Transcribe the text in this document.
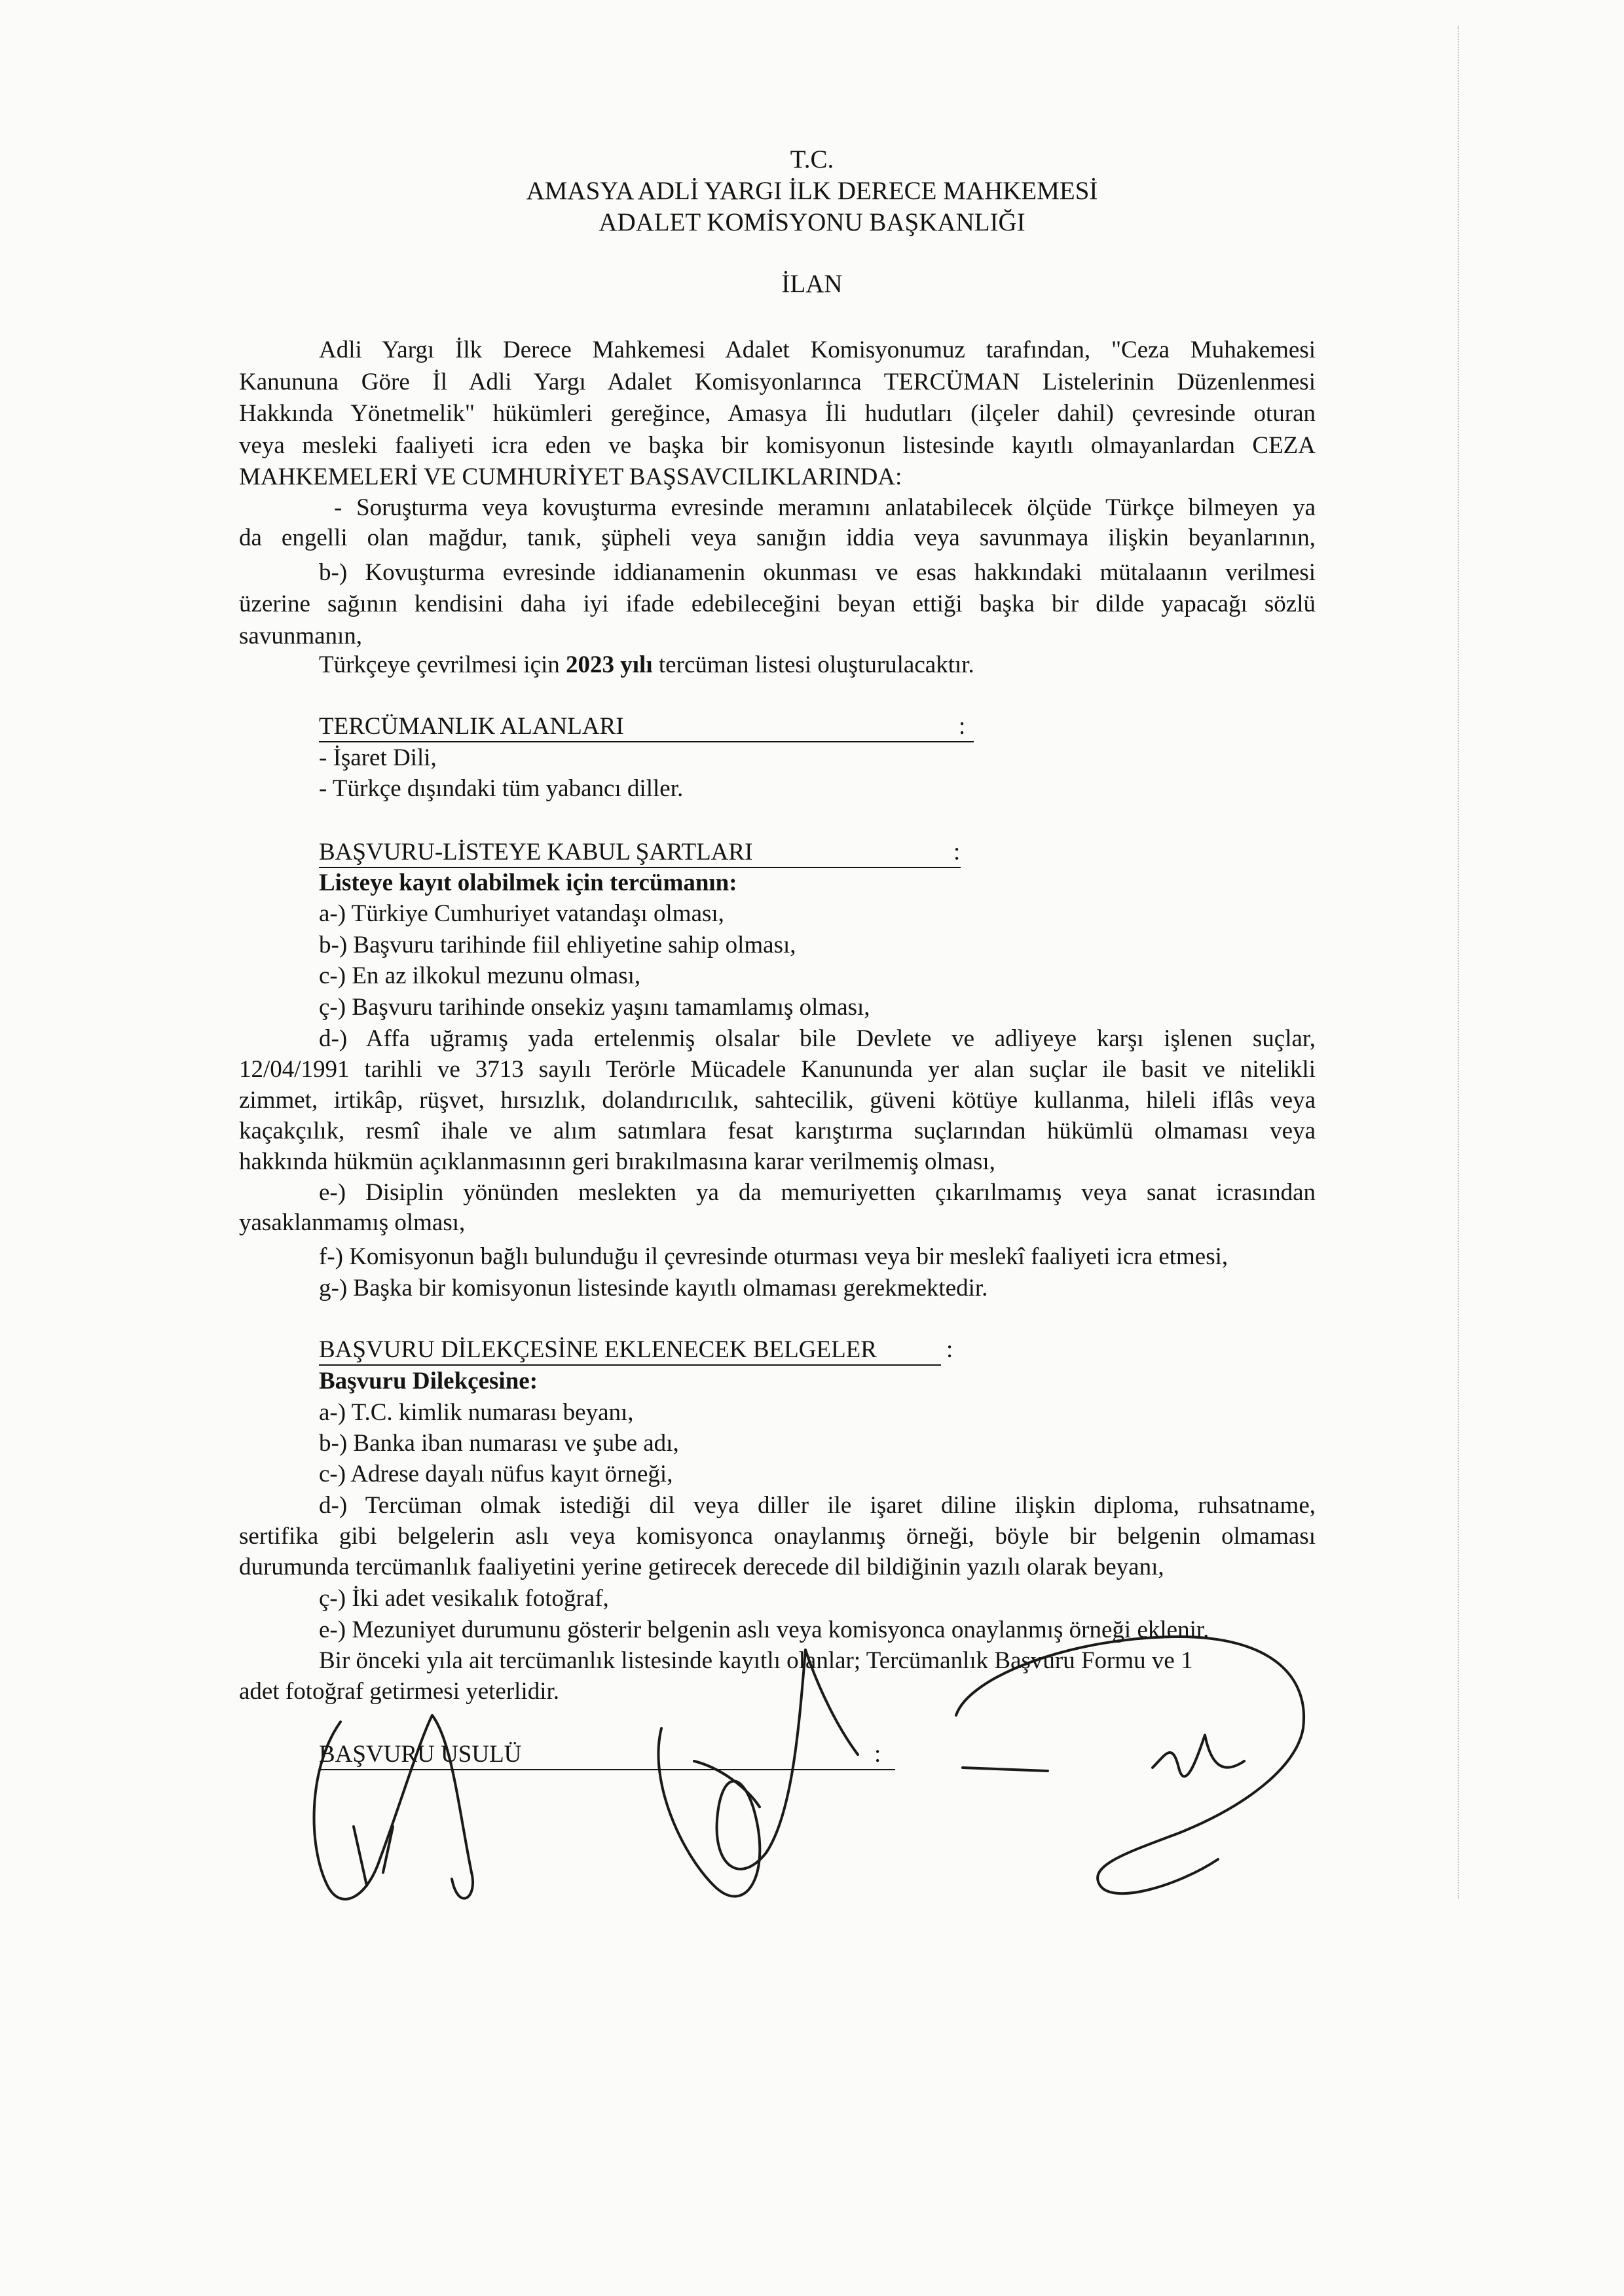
T.C.
AMASYA ADLİ YARGI İLK DERECE MAHKEMESİ
ADALET KOMİSYONU BAŞKANLIĞI
İLAN
Adli Yargı İlk Derece Mahkemesi Adalet Komisyonumuz tarafından, "Ceza Muhakemesi
Kanununa Göre İl Adli Yargı Adalet Komisyonlarınca TERCÜMAN Listelerinin Düzenlenmesi
Hakkında Yönetmelik" hükümleri gereğince, Amasya İli hudutları (ilçeler dahil) çevresinde oturan
veya mesleki faaliyeti icra eden ve başka bir komisyonun listesinde kayıtlı olmayanlardan CEZA
MAHKEMELERİ VE CUMHURİYET BAŞSAVCILIKLARINDA:
- Soruşturma veya kovuşturma evresinde meramını anlatabilecek ölçüde Türkçe bilmeyen ya
da engelli olan mağdur, tanık, şüpheli veya sanığın iddia veya savunmaya ilişkin beyanlarının,
b-) Kovuşturma evresinde iddianamenin okunması ve esas hakkındaki mütalaanın verilmesi
üzerine sağının kendisini daha iyi ifade edebileceğini beyan ettiği başka bir dilde yapacağı sözlü
savunmanın,
Türkçeye çevrilmesi için 2023 yılı tercüman listesi oluşturulacaktır.
TERCÜMANLIK ALANLARI	:
- İşaret Dili,
- Türkçe dışındaki tüm yabancı diller.
BAŞVURU-LİSTEYE KABUL ŞARTLARI	:
Listeye kayıt olabilmek için tercümanın:
a-) Türkiye Cumhuriyet vatandaşı olması,
b-) Başvuru tarihinde fiil ehliyetine sahip olması,
c-) En az ilkokul mezunu olması,
ç-) Başvuru tarihinde onsekiz yaşını tamamlamış olması,
d-) Affa uğramış yada ertelenmiş olsalar bile Devlete ve adliyeye karşı işlenen suçlar,
12/04/1991 tarihli ve 3713 sayılı Terörle Mücadele Kanununda yer alan suçlar ile basit ve nitelikli
zimmet, irtikâp, rüşvet, hırsızlık, dolandırıcılık, sahtecilik, güveni kötüye kullanma, hileli iflâs veya
kaçakçılık, resmî ihale ve alım satımlara fesat karıştırma suçlarından hükümlü olmaması veya
hakkında hükmün açıklanmasının geri bırakılmasına karar verilmemiş olması,
e-) Disiplin yönünden meslekten ya da memuriyetten çıkarılmamış veya sanat icrasından
yasaklanmamış olması,
f-) Komisyonun bağlı bulunduğu il çevresinde oturması veya bir meslekî faaliyeti icra etmesi,
g-) Başka bir komisyonun listesinde kayıtlı olmaması gerekmektedir.
BAŞVURU DİLEKÇESİNE EKLENECEK BELGELER	:
Başvuru Dilekçesine:
a-) T.C. kimlik numarası beyanı,
b-) Banka iban numarası ve şube adı,
c-) Adrese dayalı nüfus kayıt örneği,
d-) Tercüman olmak istediği dil veya diller ile işaret diline ilişkin diploma, ruhsatname,
sertifika gibi belgelerin aslı veya komisyonca onaylanmış örneği, böyle bir belgenin olmaması
durumunda tercümanlık faaliyetini yerine getirecek derecede dil bildiğinin yazılı olarak beyanı,
ç-) İki adet vesikalık fotoğraf,
e-) Mezuniyet durumunu gösterir belgenin aslı veya komisyonca onaylanmış örneği eklenir.
Bir önceki yıla ait tercümanlık listesinde kayıtlı olanlar; Tercümanlık Başvuru Formu ve 1
adet fotoğraf getirmesi yeterlidir.
BAŞVURU USULÜ	:
